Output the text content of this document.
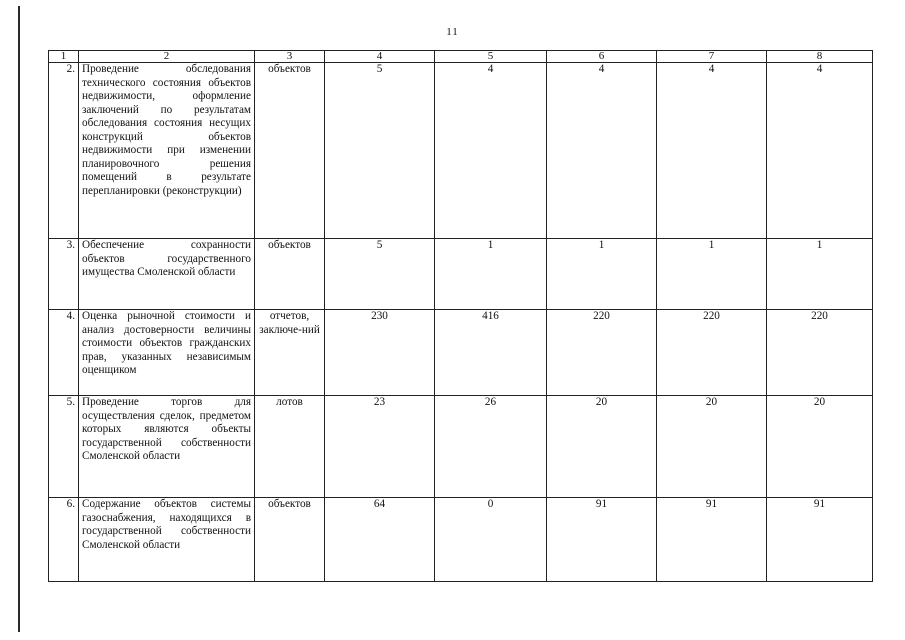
11
1	2	3	4	5	6	7	8
2.	Проведение обследования технического состояния объектов недвижимости, оформление заключений по результатам обследования состояния несущих конструкций объектов недвижимости при изменении планировочного решения помещений в результате перепланировки (реконструкции)	объектов	5	4	4	4	4
3.	Обеспечение сохранности объектов государственного имущества Смоленской области	объектов	5	1	1	1	1
4.	Оценка рыночной стоимости и анализ достоверности величины стоимости объектов гражданских прав, указанных независимым оценщиком	отчетов, заключе-ний	230	416	220	220	220
5.	Проведение торгов для осуществления сделок, предметом которых являются объекты государственной собственности Смоленской области	лотов	23	26	20	20	20
6.	Содержание объектов системы газоснабжения, находящихся в государственной собственности Смоленской области	объектов	64	0	91	91	91
